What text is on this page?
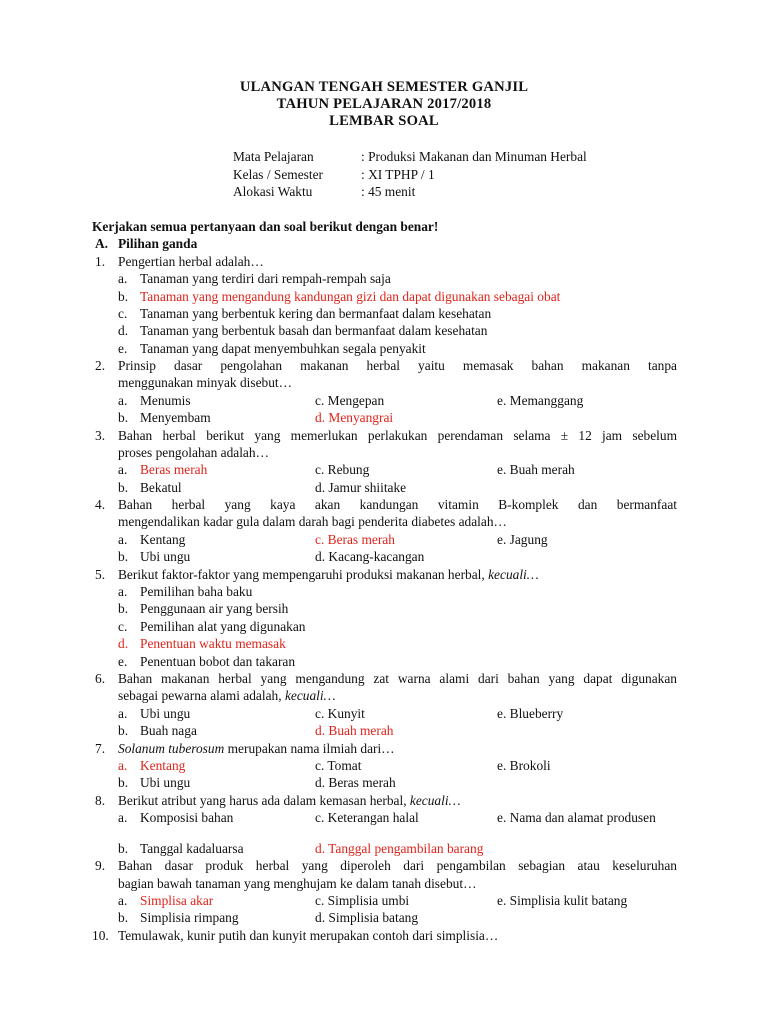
ULANGAN TENGAH SEMESTER GANJIL
TAHUN PELAJARAN 2017/2018
LEMBAR SOAL
Mata Pelajaran	: Produksi Makanan dan Minuman Herbal
Kelas / Semester	: XI TPHP / 1
Alokasi Waktu	: 45 menit
Kerjakan semua pertanyaan dan soal berikut dengan benar!
A. Pilihan ganda
1. Pengertian herbal adalah…
a. Tanaman yang terdiri dari rempah-rempah saja
b. Tanaman yang mengandung kandungan gizi dan dapat digunakan sebagai obat
c. Tanaman yang berbentuk kering dan bermanfaat dalam kesehatan
d. Tanaman yang berbentuk basah dan bermanfaat dalam kesehatan
e. Tanaman yang dapat menyembuhkan segala penyakit
2. Prinsip dasar pengolahan makanan herbal yaitu memasak bahan makanan tanpa
menggunakan minyak disebut…
a. Menumis	c. Mengepan	e. Memanggang
b. Menyembam	d. Menyangrai
3. Bahan herbal berikut yang memerlukan perlakukan perendaman selama ± 12 jam sebelum
proses pengolahan adalah…
a. Beras merah	c. Rebung	e. Buah merah
b. Bekatul	d. Jamur shiitake
4. Bahan herbal yang kaya akan kandungan vitamin B-komplek dan bermanfaat
mengendalikan kadar gula dalam darah bagi penderita diabetes adalah…
a. Kentang	c. Beras merah	e. Jagung
b. Ubi ungu	d. Kacang-kacangan
5. Berikut faktor-faktor yang mempengaruhi produksi makanan herbal, kecuali…
a. Pemilihan baha baku
b. Penggunaan air yang bersih
c. Pemilihan alat yang digunakan
d. Penentuan waktu memasak
e. Penentuan bobot dan takaran
6. Bahan makanan herbal yang mengandung zat warna alami dari bahan yang dapat digunakan
sebagai pewarna alami adalah, kecuali…
a. Ubi ungu	c. Kunyit	e. Blueberry
b. Buah naga	d. Buah merah
7. Solanum tuberosum merupakan nama ilmiah dari…
a. Kentang	c. Tomat	e. Brokoli
b. Ubi ungu	d. Beras merah
8. Berikut atribut yang harus ada dalam kemasan herbal, kecuali…
a. Komposisi bahan	c. Keterangan halal	e. Nama dan alamat produsen
b. Tanggal kadaluarsa	d. Tanggal pengambilan barang
9. Bahan dasar produk herbal yang diperoleh dari pengambilan sebagian atau keseluruhan
bagian bawah tanaman yang menghujam ke dalam tanah disebut…
a. Simplisa akar	c. Simplisia umbi	e. Simplisia kulit batang
b. Simplisia rimpang	d. Simplisia batang
10. Temulawak, kunir putih dan kunyit merupakan contoh dari simplisia…
